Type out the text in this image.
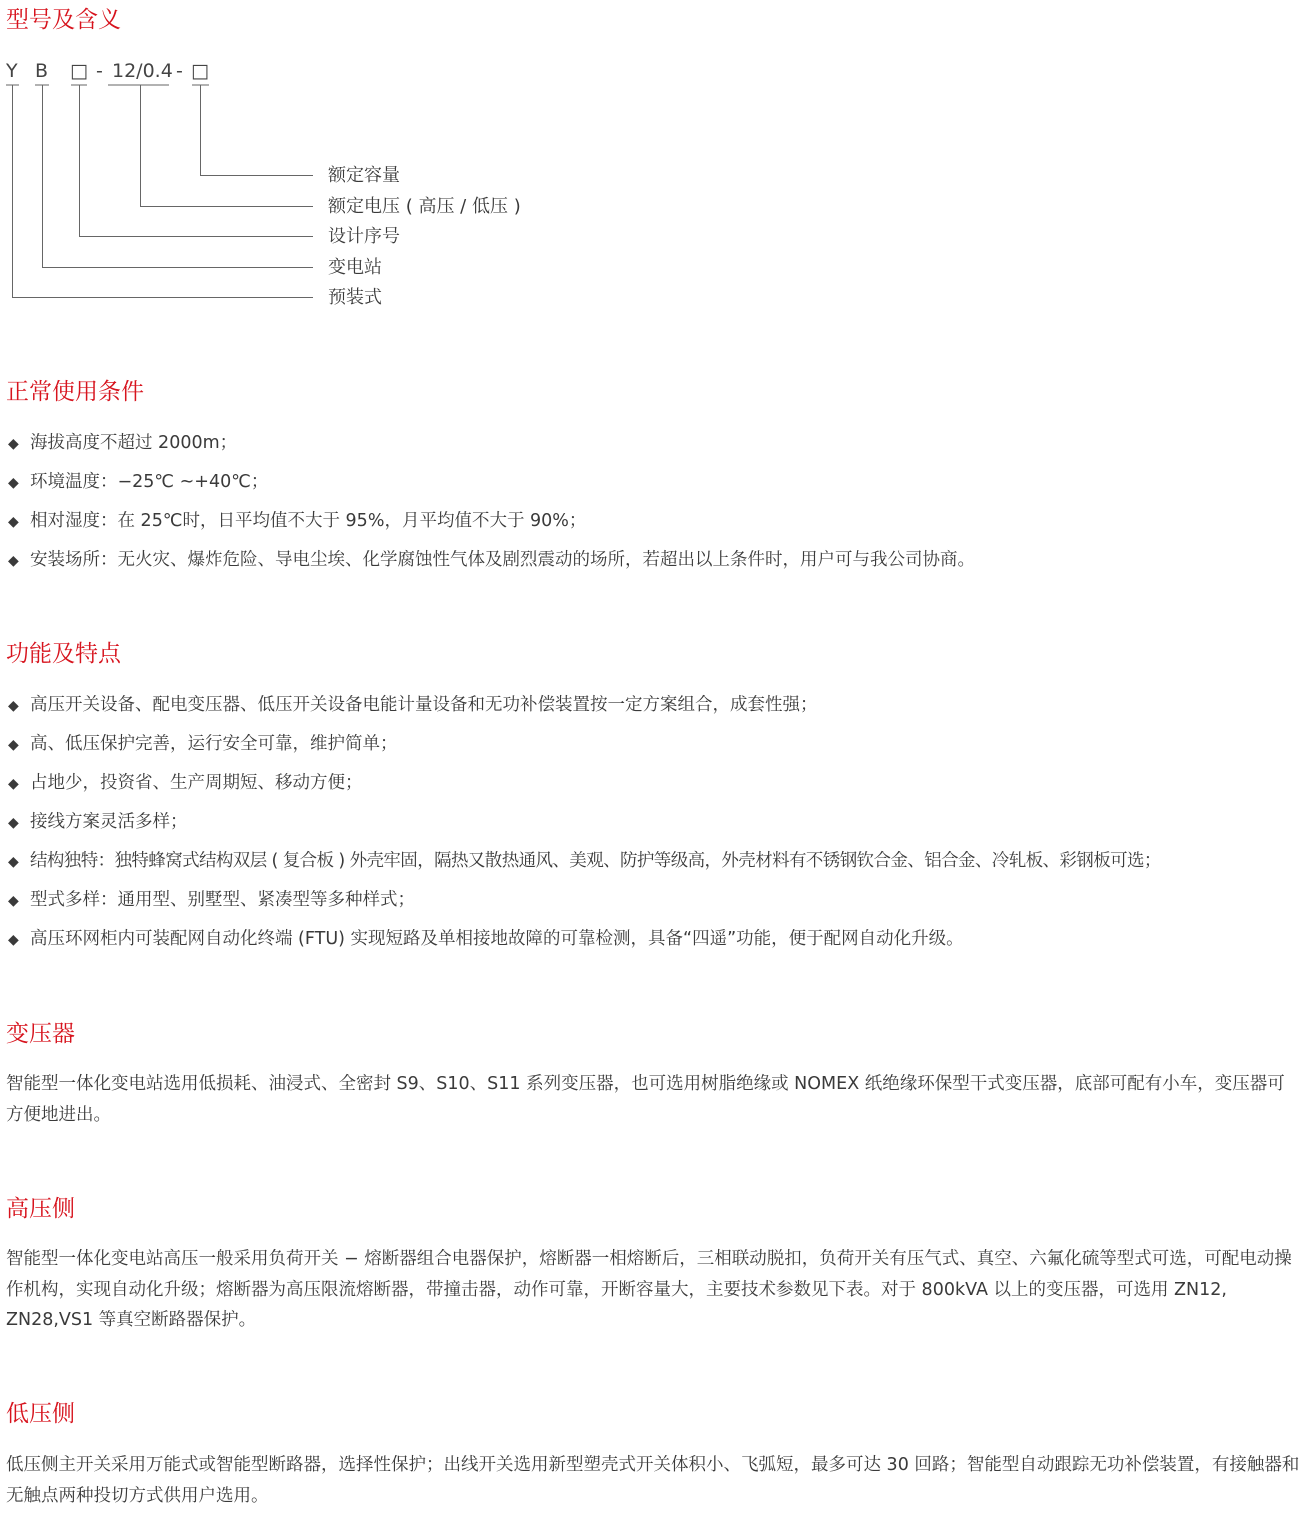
型号及含义
Y B □ - 12/0.4 - □
额定容量
额定电压 ( 高压 / 低压 )
设计序号
变电站
预装式
正常使用条件
◆ 海拔高度不超过 2000m；
◆ 环境温度：−25℃ ~+40℃；
◆ 相对湿度：在 25℃时，日平均值不大于 95%，月平均值不大于 90%；
◆ 安装场所：无火灾、爆炸危险、导电尘埃、化学腐蚀性气体及剧烈震动的场所，若超出以上条件时，用户可与我公司协商。
功能及特点
◆ 高压开关设备、配电变压器、低压开关设备电能计量设备和无功补偿装置按一定方案组合，成套性强；
◆ 高、低压保护完善，运行安全可靠，维护简单；
◆ 占地少，投资省、生产周期短、移动方便；
◆ 接线方案灵活多样；
◆ 结构独特：独特蜂窝式结构双层 ( 复合板 ) 外壳牢固，隔热又散热通风、美观、防护等级高，外壳材料有不锈钢钦合金、铝合金、冷轧板、彩钢板可选；
◆ 型式多样：通用型、别墅型、紧凑型等多种样式；
◆ 高压环网柜内可装配网自动化终端 (FTU) 实现短路及单相接地故障的可靠检测，具备“四遥”功能，便于配网自动化升级。
变压器

智能型一体化变电站选用低损耗、油浸式、全密封 S9、S10、S11 系列变压器，也可选用树脂绝缘或 NOMEX 纸绝缘环保型干式变压器，底部可配有小车，变压器可方便地进出。

高压侧

智能型一体化变电站高压一般采用负荷开关 − 熔断器组合电器保护，熔断器一相熔断后，三相联动脱扣，负荷开关有压气式、真空、六氟化硫等型式可选，可配电动操作机构，实现自动化升级；熔断器为高压限流熔断器，带撞击器，动作可靠，开断容量大，主要技术参数见下表。对于 800kVA 以上的变压器，可选用 ZN12, ZN28,VS1 等真空断路器保护。

低压侧

低压侧主开关采用万能式或智能型断路器，选择性保护；出线开关选用新型塑壳式开关体积小、飞弧短，最多可达 30 回路；智能型自动跟踪无功补偿装置，有接触器和无触点两种投切方式供用户选用。
